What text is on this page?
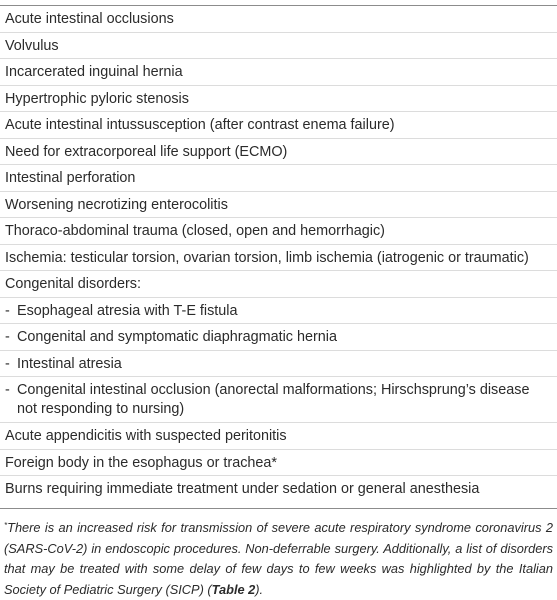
Acute intestinal occlusions
Volvulus
Incarcerated inguinal hernia
Hypertrophic pyloric stenosis
Acute intestinal intussusception (after contrast enema failure)
Need for extracorporeal life support (ECMO)
Intestinal perforation
Worsening necrotizing enterocolitis
Thoraco-abdominal trauma (closed, open and hemorrhagic)
Ischemia: testicular torsion, ovarian torsion, limb ischemia (iatrogenic or traumatic)
Congenital disorders:
- Esophageal atresia with T-E fistula
- Congenital and symptomatic diaphragmatic hernia
- Intestinal atresia
- Congenital intestinal occlusion (anorectal malformations; Hirschsprung’s disease
not responding to nursing)
Acute appendicitis with suspected peritonitis
Foreign body in the esophagus or trachea*
Burns requiring immediate treatment under sedation or general anesthesia

*There is an increased risk for transmission of severe acute respiratory syndrome coronavirus 2 (SARS-CoV-2) in endoscopic procedures. Non-deferrable surgery. Additionally, a list of disorders that may be treated with some delay of few days to few weeks was highlighted by the Italian Society of Pediatric Surgery (SICP) (Table 2).
